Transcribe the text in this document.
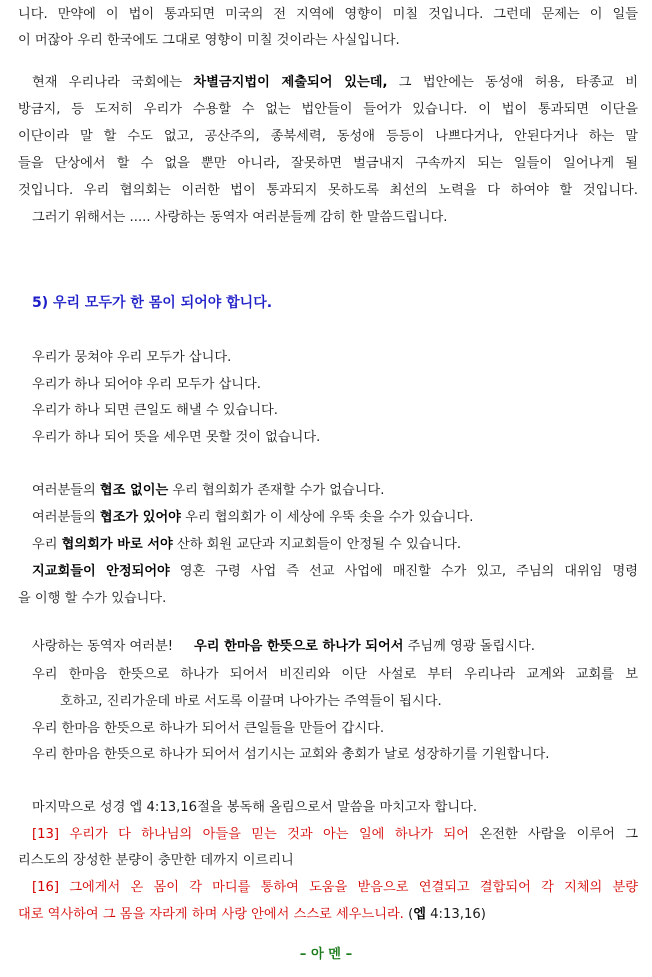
니다. 만약에 이 법이 통과되면 미국의 전 지역에 영향이 미칠 것입니다. 그런데 문제는 이 일들
이 머잖아 우리 한국에도 그대로 영향이 미칠 것이라는 사실입니다.
현재 우리나라 국회에는 차별금지법이 제출되어 있는데, 그 법안에는 동성애 허용, 타종교 비
방금지, 등 도저히 우리가 수용할 수 없는 법안들이 들어가 있습니다. 이 법이 통과되면 이단을
이단이라 말 할 수도 없고, 공산주의, 종북세력, 동성애 등등이 나쁘다거나, 안된다거나 하는 말
들을 단상에서 할 수 없을 뿐만 아니라, 잘못하면 벌금내지 구속까지 되는 일들이 일어나게 될
것입니다. 우리 협의회는 이러한 법이 통과되지 못하도록 최선의 노력을 다 하여야 할 것입니다.
그러기 위해서는 ..... 사랑하는 동역자 여러분들께 감히 한 말씀드립니다.
5) 우리 모두가 한 몸이 되어야 합니다.
우리가 뭉쳐야 우리 모두가 삽니다.
우리가 하나 되어야 우리 모두가 삽니다.
우리가 하나 되면 큰일도 해낼 수 있습니다.
우리가 하나 되어 뜻을 세우면 못할 것이 없습니다.
여러분들의 협조 없이는 우리 협의회가 존재할 수가 없습니다.
여러분들의 협조가 있어야 우리 협의회가 이 세상에 우뚝 솟을 수가 있습니다.
우리 협의회가 바로 서야 산하 회원 교단과 지교회들이 안정될 수 있습니다.
지교회들이 안정되어야 영혼 구령 사업 즉 선교 사업에 매진할 수가 있고, 주님의 대위임 명령
을 이행 할 수가 있습니다.
사랑하는 동역자 여러분!     우리 한마음 한뜻으로 하나가 되어서 주님께 영광 돌립시다.
우리 한마음 한뜻으로 하나가 되어서 비진리와 이단 사설로 부터 우리나라 교계와 교회를 보
호하고, 진리가운데 바로 서도록 이끌며 나아가는 주역들이 됩시다.
우리 한마음 한뜻으로 하나가 되어서 큰일들을 만들어 갑시다.
우리 한마음 한뜻으로 하나가 되어서 섬기시는 교회와 총회가 날로 성장하기를 기원합니다.
마지막으로 성경 엡 4:13,16절을 봉독해 올림으로서 말씀을 마치고자 합니다.
[13] 우리가 다 하나님의 아들을 믿는 것과 아는 일에 하나가 되어 온전한 사람을 이루어 그
리스도의 장성한 분량이 충만한 데까지 이르리니
[16] 그에게서 온 몸이 각 마디를 통하여 도움을 받음으로 연결되고 결합되어 각 지체의 분량
대로 역사하여 그 몸을 자라게 하며 사랑 안에서 스스로 세우느니라. (엡 4:13,16)
– 아 멘 –
